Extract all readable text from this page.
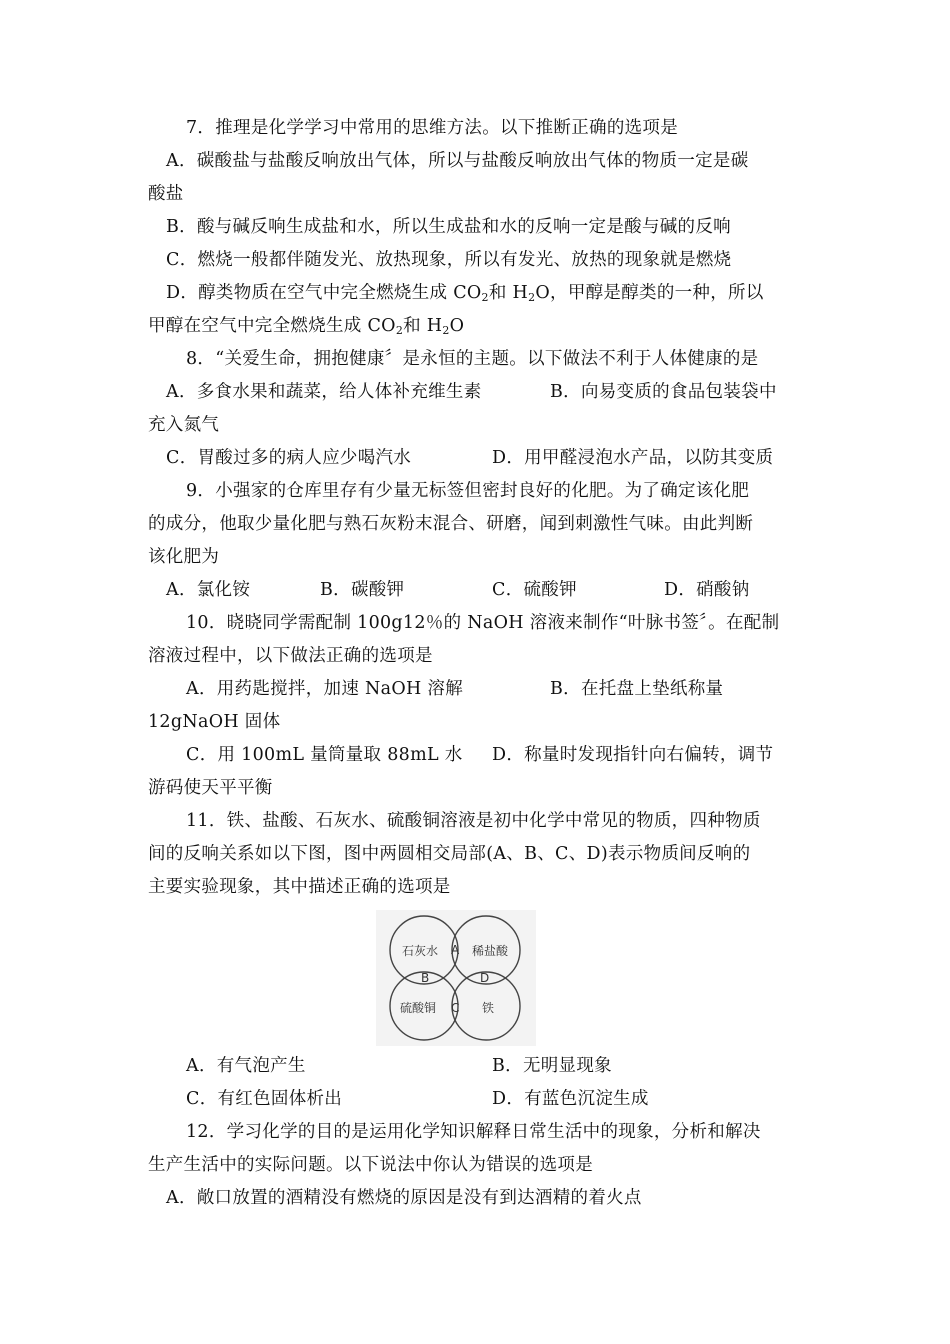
7．推理是化学学习中常用的思维方法。以下推断正确的选项是
A．碳酸盐与盐酸反响放出气体，所以与盐酸反响放出气体的物质一定是碳
酸盐
B．酸与碱反响生成盐和水，所以生成盐和水的反响一定是酸与碱的反响
C．燃烧一般都伴随发光、放热现象，所以有发光、放热的现象就是燃烧
D．醇类物质在空气中完全燃烧生成 $CO_2$和 $H_2O$，甲醇是醇类的一种，所以
甲醇在空气中完全燃烧生成 $CO_2$和 $H_2O$
8．“关爱生命，拥抱健康〞是永恒的主题。以下做法不利于人体健康的是
A．多食水果和蔬菜，给人体补充维生素	B．向易变质的食品包装袋中
充入氮气
C．胃酸过多的病人应少喝汽水	D．用甲醛浸泡水产品，以防其变质
9．小强家的仓库里存有少量无标签但密封良好的化肥。为了确定该化肥
的成分，他取少量化肥与熟石灰粉末混合、研磨，闻到刺激性气味。由此判断
该化肥为
A．氯化铵	B．碳酸钾	C．硫酸钾	D．硝酸钠
10．晓晓同学需配制 100g12％的 NaOH 溶液来制作“叶脉书签〞。在配制
溶液过程中，以下做法正确的选项是
A．用药匙搅拌，加速 NaOH 溶解	B．在托盘上垫纸称量
12gNaOH 固体
C．用 100mL 量筒量取 88mL 水 D．称量时发现指针向右偏转，调节
游码使天平平衡
11．铁、盐酸、石灰水、硫酸铜溶液是初中化学中常见的物质，四种物质
间的反响关系如以下图，图中两圆相交局部(A、B、C、D)表示物质间反响的
主要实验现象，其中描述正确的选项是
石灰水	稀盐酸
硫酸铜	铁
A
B
C
D
A．有气泡产生	B．无明显现象
C．有红色固体析出	D．有蓝色沉淀生成
12．学习化学的目的是运用化学知识解释日常生活中的现象，分析和解决
生产生活中的实际问题。以下说法中你认为错误的选项是
A．敞口放置的酒精没有燃烧的原因是没有到达酒精的着火点
